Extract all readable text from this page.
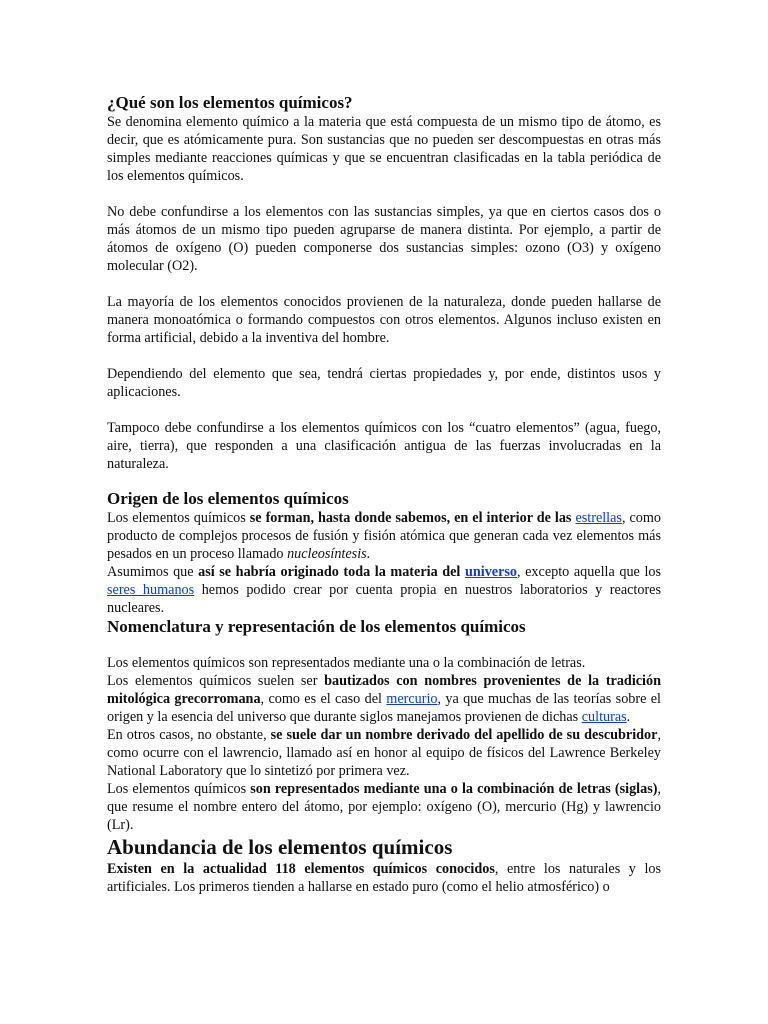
¿Qué son los elementos químicos?

Se denomina elemento químico a la materia que está compuesta de un mismo tipo de átomo, es decir, que es atómicamente pura. Son sustancias que no pueden ser descompuestas en otras más simples mediante reacciones químicas y que se encuentran clasificadas en la tabla periódica de los elementos químicos.

No debe confundirse a los elementos con las sustancias simples, ya que en ciertos casos dos o más átomos de un mismo tipo pueden agruparse de manera distinta. Por ejemplo, a partir de átomos de oxígeno (O) pueden componerse dos sustancias simples: ozono (O3) y oxígeno molecular (O2).

La mayoría de los elementos conocidos provienen de la naturaleza, donde pueden hallarse de manera monoatómica o formando compuestos con otros elementos. Algunos incluso existen en forma artificial, debido a la inventiva del hombre.

Dependiendo del elemento que sea, tendrá ciertas propiedades y, por ende, distintos usos y aplicaciones.

Tampoco debe confundirse a los elementos químicos con los “cuatro elementos” (agua, fuego, aire, tierra), que responden a una clasificación antigua de las fuerzas involucradas en la naturaleza.

Origen de los elementos químicos

Los elementos químicos se forman, hasta donde sabemos, en el interior de las estrellas, como producto de complejos procesos de fusión y fisión atómica que generan cada vez elementos más pesados en un proceso llamado nucleosíntesis.

Asumimos que así se habría originado toda la materia del universo, excepto aquella que los seres humanos hemos podido crear por cuenta propia en nuestros laboratorios y reactores nucleares.

Nomenclatura y representación de los elementos químicos

Los elementos químicos son representados mediante una o la combinación de letras.

Los elementos químicos suelen ser bautizados con nombres provenientes de la tradición mitológica grecorromana, como es el caso del mercurio, ya que muchas de las teorías sobre el origen y la esencia del universo que durante siglos manejamos provienen de dichas culturas.

En otros casos, no obstante, se suele dar un nombre derivado del apellido de su descubridor, como ocurre con el lawrencio, llamado así en honor al equipo de físicos del Lawrence Berkeley National Laboratory que lo sintetizó por primera vez.

Los elementos químicos son representados mediante una o la combinación de letras (siglas), que resume el nombre entero del átomo, por ejemplo: oxígeno (O), mercurio (Hg) y lawrencio (Lr).

Abundancia de los elementos químicos

Existen en la actualidad 118 elementos químicos conocidos, entre los naturales y los artificiales. Los primeros tienden a hallarse en estado puro (como el helio atmosférico) o
